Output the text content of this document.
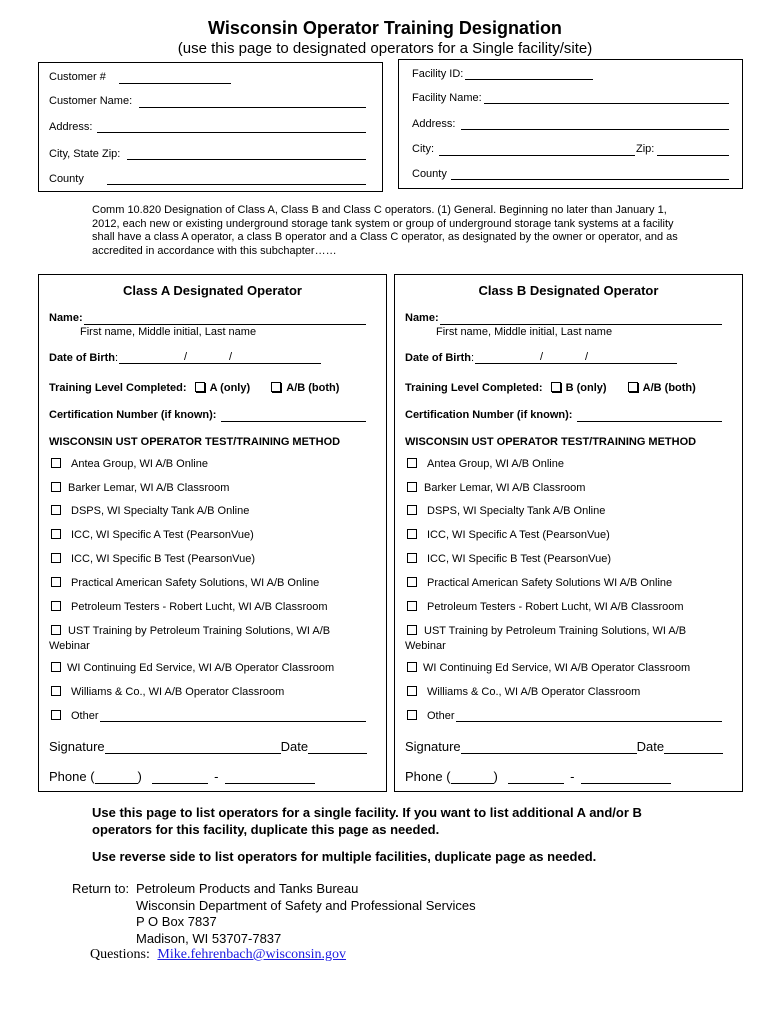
Wisconsin Operator Training Designation
(use this page to designated operators for a Single facility/site)
Customer #
Customer Name:
Address:
City, State Zip:
County
Facility ID:
Facility Name:
Address:
City:	Zip:
County
Comm 10.820 Designation of Class A, Class B and Class C operators. (1) General. Beginning no later than January 1, 2012, each new or existing underground storage tank system or group of underground storage tank systems at a facility shall have a class A operator, a class B operator and a Class C operator, as designated by the owner or operator, and as accredited in accordance with this subchapter……
Class A Designated Operator
Name:
First name, Middle initial, Last name
Date of Birth:	/	/
Training Level Completed: A (only)	A/B (both)
Certification Number (if known):
WISCONSIN UST OPERATOR TEST/TRAINING METHOD
Antea Group, WI A/B Online
Barker Lemar, WI A/B Classroom
DSPS, WI Specialty Tank A/B Online
ICC, WI Specific A Test (PearsonVue)
ICC, WI Specific B Test (PearsonVue)
Practical American Safety Solutions, WI A/B Online
Petroleum Testers - Robert Lucht, WI A/B Classroom
UST Training by Petroleum Training Solutions, WI A/B
Webinar
WI Continuing Ed Service, WI A/B Operator Classroom
Williams & Co., WI A/B Operator Classroom
Other
Signature	Date
Phone (	)	-
Class B Designated Operator
Name:
First name, Middle initial, Last name
Date of Birth:	/	/
Training Level Completed: B (only)	A/B (both)
Certification Number (if known):
WISCONSIN UST OPERATOR TEST/TRAINING METHOD
Antea Group, WI A/B Online
Barker Lemar, WI A/B Classroom
DSPS, WI Specialty Tank A/B Online
ICC, WI Specific A Test (PearsonVue)
ICC, WI Specific B Test (PearsonVue)
Practical American Safety Solutions WI A/B Online
Petroleum Testers - Robert Lucht, WI A/B Classroom
UST Training by Petroleum Training Solutions, WI A/B
Webinar
WI Continuing Ed Service, WI A/B Operator Classroom
Williams & Co., WI A/B Operator Classroom
Other
Signature	Date
Phone (	)	-
Use this page to list operators for a single facility. If you want to list additional A and/or B operators for this facility, duplicate this page as needed.
Use reverse side to list operators for multiple facilities, duplicate page as needed.
Return to: Petroleum Products and Tanks Bureau
Wisconsin Department of Safety and Professional Services
P O Box 7837
Madison, WI 53707-7837
Questions: Mike.fehrenbach@wisconsin.gov
